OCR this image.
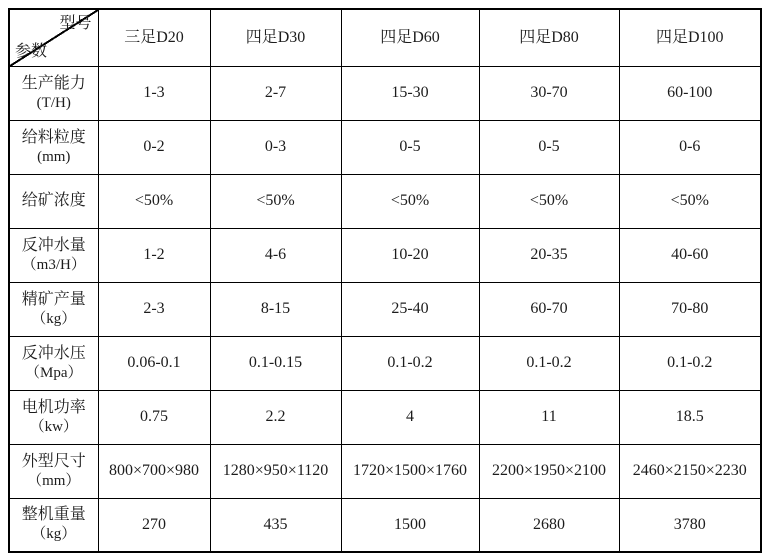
型号
参数	三足D20	四足D30	四足D60	四足D80	四足D100

生产能力
(T/H)	1-3	2-7	15-30	30-70	60-100

给料粒度
(mm)	0-2	0-3	0-5	0-5	0-6

给矿浓度	<50%	<50%	<50%	<50%	<50%

反冲水量
（m3/H）	1-2	4-6	10-20	20-35	40-60

精矿产量
（kg）	2-3	8-15	25-40	60-70	70-80

反冲水压
（Mpa）	0.06-0.1	0.1-0.15	0.1-0.2	0.1-0.2	0.1-0.2

电机功率
（kw）	0.75	2.2	4	11	18.5

外型尺寸
（mm）	800×700×980	1280×950×1120	1720×1500×1760	2200×1950×2100	2460×2150×2230

整机重量
（kg）	270	435	1500	2680	3780
